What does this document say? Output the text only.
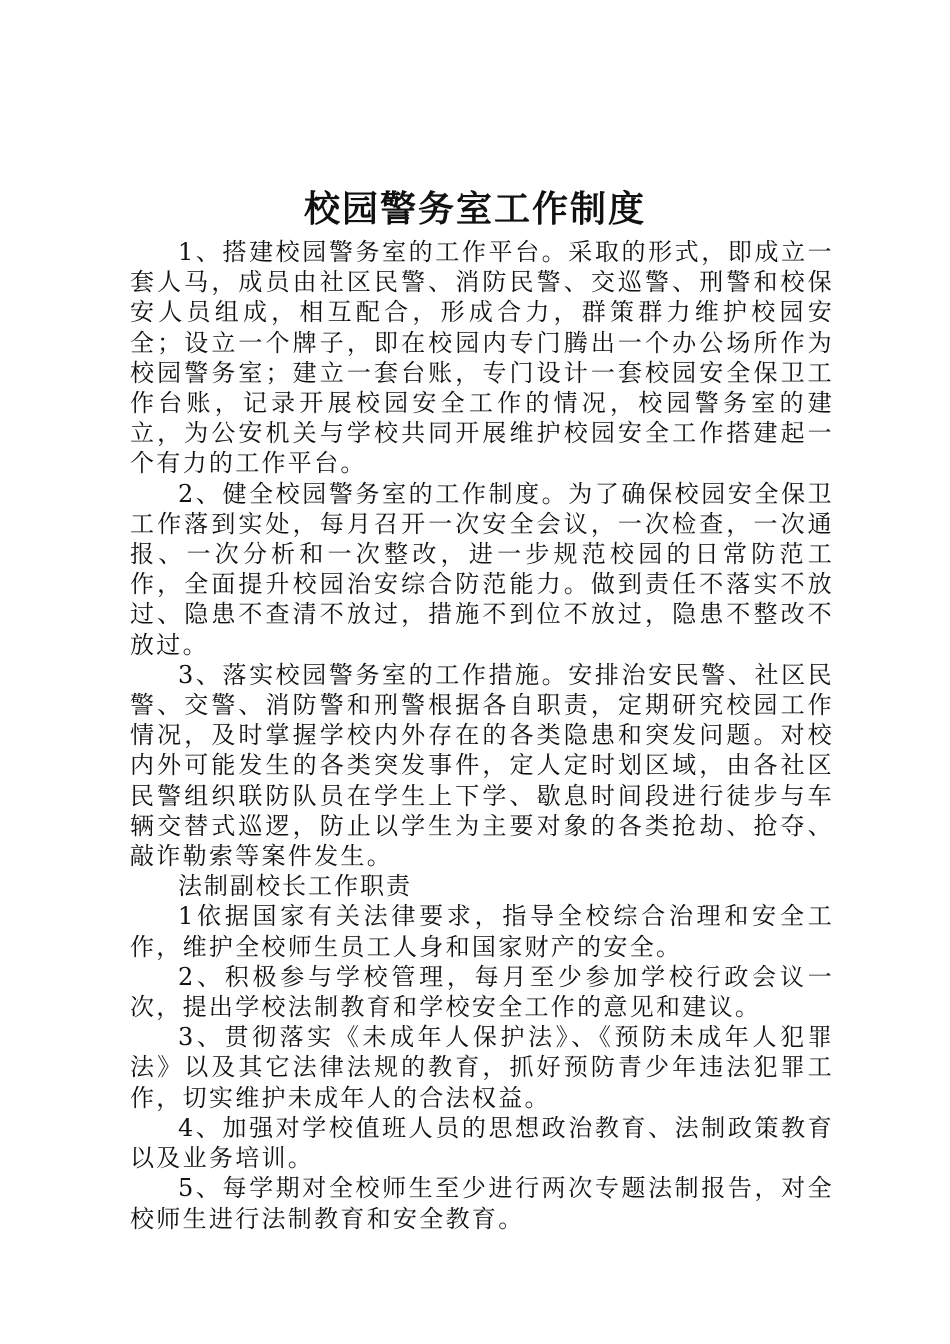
校园警务室工作制度

1、搭建校园警务室的工作平台。采取的形式，即成立一套人马，成员由社区民警、消防民警、交巡警、刑警和校保安人员组成，相互配合，形成合力，群策群力维护校园安全；设立一个牌子，即在校园内专门腾出一个办公场所作为校园警务室；建立一套台账，专门设计一套校园安全保卫工作台账，记录开展校园安全工作的情况，校园警务室的建立，为公安机关与学校共同开展维护校园安全工作搭建起一个有力的工作平台。

2、健全校园警务室的工作制度。为了确保校园安全保卫工作落到实处，每月召开一次安全会议，一次检查，一次通报、一次分析和一次整改，进一步规范校园的日常防范工作，全面提升校园治安综合防范能力。做到责任不落实不放过、隐患不查清不放过，措施不到位不放过，隐患不整改不放过。

3、落实校园警务室的工作措施。安排治安民警、社区民警、交警、消防警和刑警根据各自职责，定期研究校园工作情况，及时掌握学校内外存在的各类隐患和突发问题。对校内外可能发生的各类突发事件，定人定时划区域，由各社区民警组织联防队员在学生上下学、歇息时间段进行徒步与车辆交替式巡逻，防止以学生为主要对象的各类抢劫、抢夺、敲诈勒索等案件发生。

法制副校长工作职责

1依据国家有关法律要求，指导全校综合治理和安全工作，维护全校师生员工人身和国家财产的安全。

2、积极参与学校管理，每月至少参加学校行政会议一次，提出学校法制教育和学校安全工作的意见和建议。

3、贯彻落实《未成年人保护法》、《预防未成年人犯罪法》以及其它法律法规的教育，抓好预防青少年违法犯罪工作，切实维护未成年人的合法权益。

4、加强对学校值班人员的思想政治教育、法制政策教育以及业务培训。

5、每学期对全校师生至少进行两次专题法制报告，对全校师生进行法制教育和安全教育。
